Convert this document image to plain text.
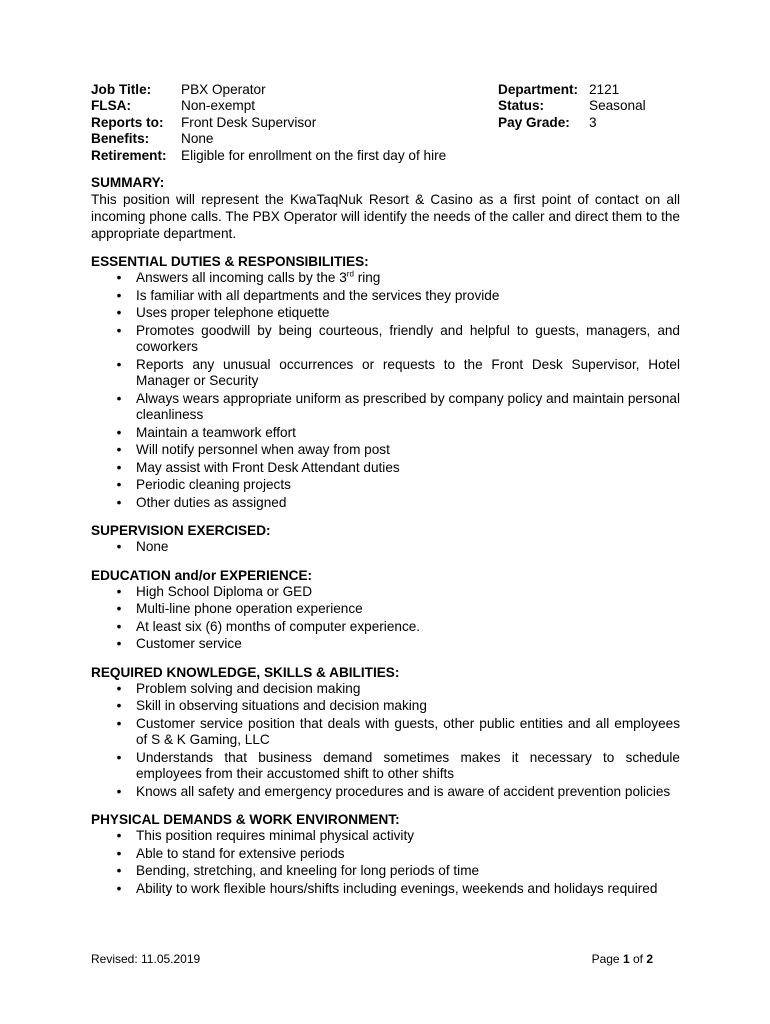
Job Title:	PBX Operator
FLSA:	Non-exempt
Reports to:	Front Desk Supervisor
Benefits:	None
Retirement:	Eligible for enrollment on the first day of hire
Department: 2121
Status:	Seasonal
Pay Grade:	3
SUMMARY:
This position will represent the KwaTaqNuk Resort & Casino as a first point of contact on all incoming phone calls. The PBX Operator will identify the needs of the caller and direct them to the appropriate department.
ESSENTIAL DUTIES & RESPONSIBILITIES:
• Answers all incoming calls by the 3rd ring
• Is familiar with all departments and the services they provide
• Uses proper telephone etiquette
• Promotes goodwill by being courteous, friendly and helpful to guests, managers, and coworkers
• Reports any unusual occurrences or requests to the Front Desk Supervisor, Hotel Manager or Security
• Always wears appropriate uniform as prescribed by company policy and maintain personal cleanliness
• Maintain a teamwork effort
• Will notify personnel when away from post
• May assist with Front Desk Attendant duties
• Periodic cleaning projects
• Other duties as assigned
SUPERVISION EXERCISED:
• None
EDUCATION and/or EXPERIENCE:
• High School Diploma or GED
• Multi-line phone operation experience
• At least six (6) months of computer experience.
• Customer service
REQUIRED KNOWLEDGE, SKILLS & ABILITIES:
• Problem solving and decision making
• Skill in observing situations and decision making
• Customer service position that deals with guests, other public entities and all employees of S & K Gaming, LLC
• Understands that business demand sometimes makes it necessary to schedule employees from their accustomed shift to other shifts
• Knows all safety and emergency procedures and is aware of accident prevention policies
PHYSICAL DEMANDS & WORK ENVIRONMENT:
• This position requires minimal physical activity
• Able to stand for extensive periods
• Bending, stretching, and kneeling for long periods of time
• Ability to work flexible hours/shifts including evenings, weekends and holidays required
Revised: 11.05.2019	Page 1 of 2
